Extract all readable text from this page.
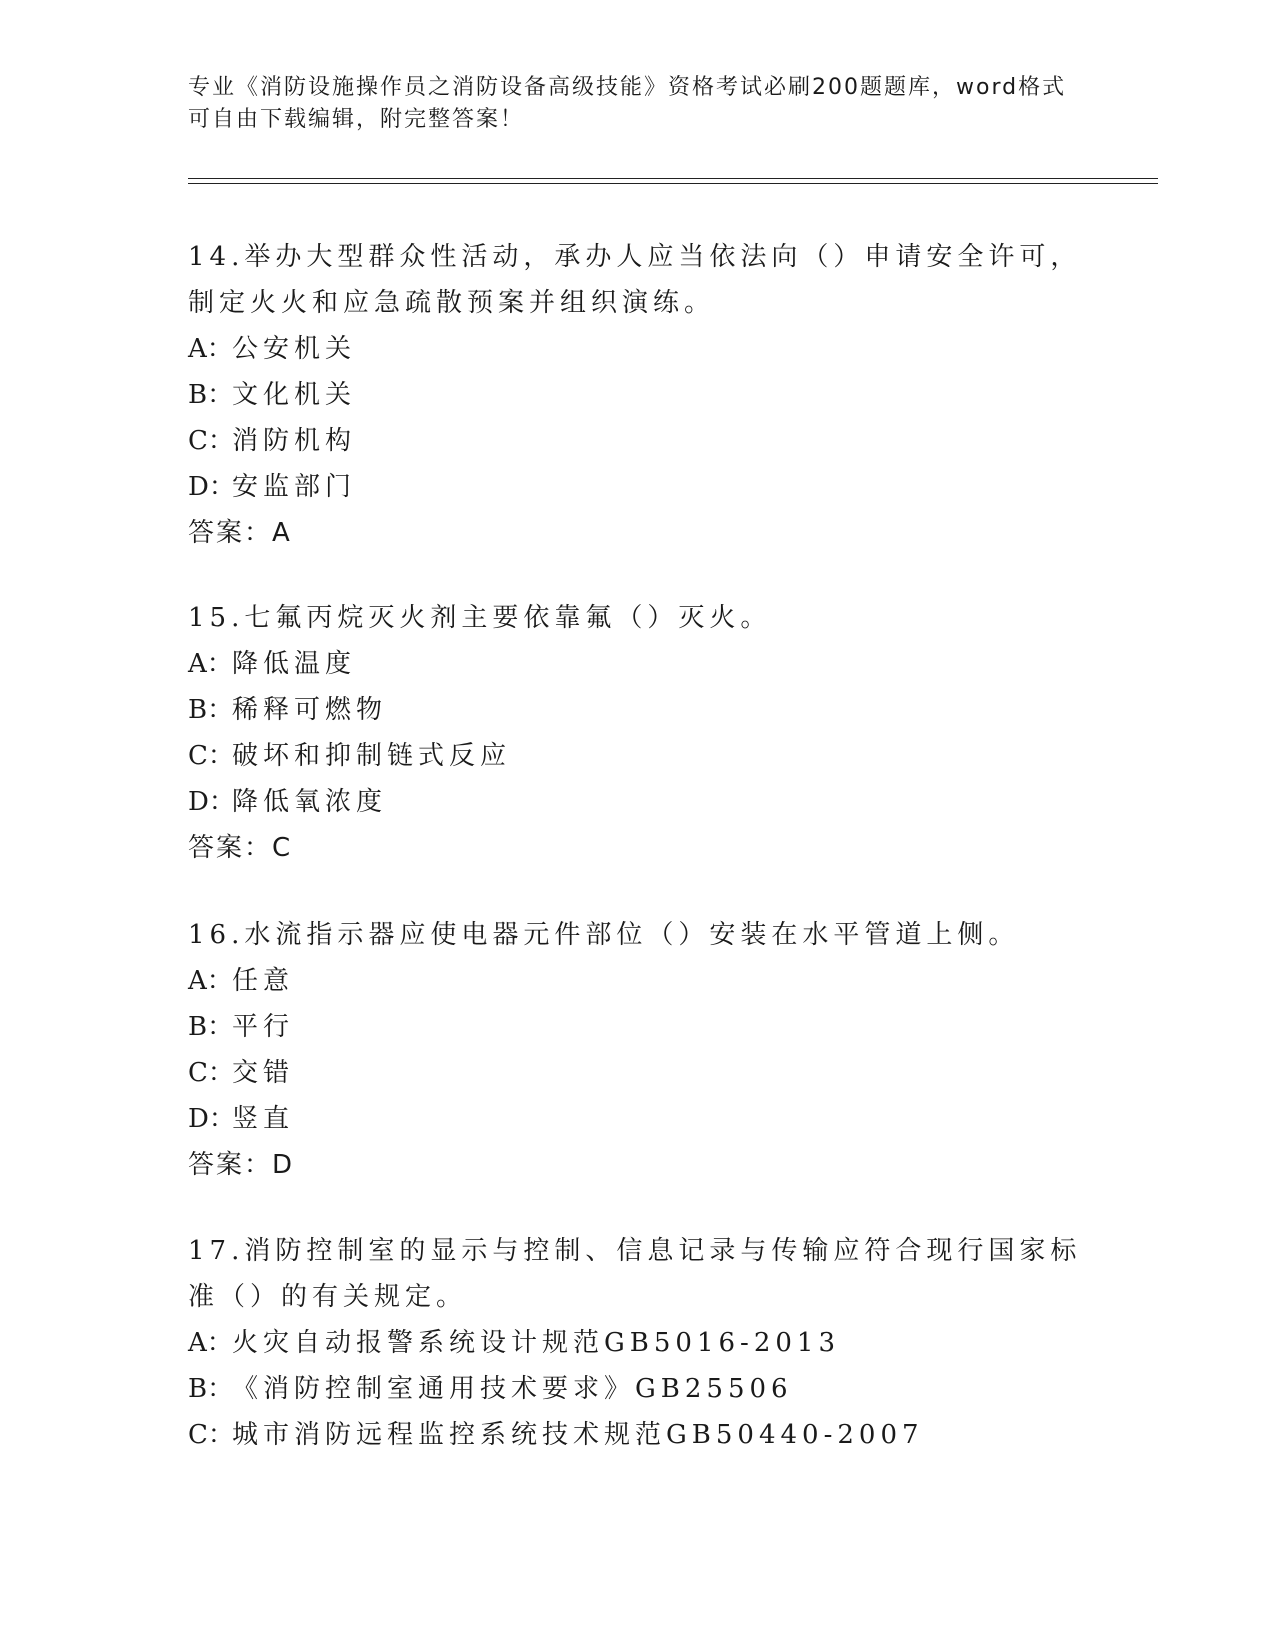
专业《消防设施操作员之消防设备高级技能》资格考试必刷200题题库，word格式可自由下载编辑，附完整答案！

14.举办大型群众性活动，承办人应当依法向（）申请安全许可，制定火火和应急疏散预案并组织演练。

A：公安机关

B：文化机关

C：消防机构

D：安监部门

答案：A

15.七氟丙烷灭火剂主要依靠氟（）灭火。

A：降低温度

B：稀释可燃物

C：破坏和抑制链式反应

D：降低氧浓度

答案：C

16.水流指示器应使电器元件部位（）安装在水平管道上侧。

A：任意

B：平行

C：交错

D：竖直

答案：D

17.消防控制室的显示与控制、信息记录与传输应符合现行国家标准（）的有关规定。

A：火灾自动报警系统设计规范GB5016-2013

B：《消防控制室通用技术要求》GB25506

C：城市消防远程监控系统技术规范GB50440-2007
